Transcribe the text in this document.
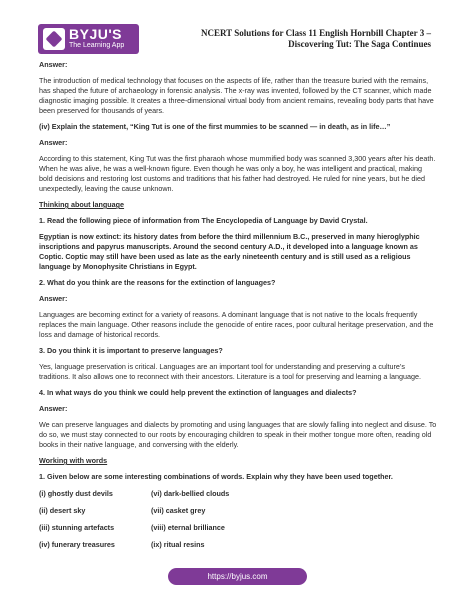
BYJU'S
The Learning App
NCERT Solutions for Class 11 English Hornbill Chapter 3 – Discovering Tut: The Saga Continues

Answer:

The introduction of medical technology that focuses on the aspects of life, rather than the treasure buried with the remains, has shaped the future of archaeology in forensic analysis. The x-ray was invented, followed by the CT scanner, which made diagnostic imaging possible. It creates a three-dimensional virtual body from ancient remains, revealing body parts that have been preserved for thousands of years.

(iv) Explain the statement, “King Tut is one of the first mummies to be scanned — in death, as in life…”

Answer:

According to this statement, King Tut was the first pharaoh whose mummified body was scanned 3,300 years after his death. When he was alive, he was a well-known figure. Even though he was only a boy, he was intelligent and practical, making bold decisions and restoring lost customs and traditions that his father had destroyed. He ruled for nine years, but he died unexpectedly, leaving the cause unknown.

Thinking about language

1. Read the following piece of information from The Encyclopedia of Language by David Crystal.

Egyptian is now extinct: its history dates from before the third millennium B.C., preserved in many hieroglyphic inscriptions and papyrus manuscripts. Around the second century A.D., it developed into a language known as Coptic. Coptic may still have been used as late as the early nineteenth century and is still used as a religious language by Monophysite Christians in Egypt.

2. What do you think are the reasons for the extinction of languages?

Answer:

Languages are becoming extinct for a variety of reasons. A dominant language that is not native to the locals frequently replaces the main language. Other reasons include the genocide of entire races, poor cultural heritage preservation, and the loss and damage of historical records.

3. Do you think it is important to preserve languages?

Yes, language preservation is critical. Languages are an important tool for understanding and preserving a culture’s traditions. It also allows one to reconnect with their ancestors. Literature is a tool for preserving and learning a language.

4. In what ways do you think we could help prevent the extinction of languages and dialects?

Answer:

We can preserve languages and dialects by promoting and using languages that are slowly falling into neglect and disuse. To do so, we must stay connected to our roots by encouraging children to speak in their mother tongue more often, reading old books in their native language, and conversing with the elderly.

Working with words

1. Given below are some interesting combinations of words. Explain why they have been used together.

(i) ghostly dust devils	(vi) dark-bellied clouds
(ii) desert sky	(vii) casket grey
(iii) stunning artefacts	(viii) eternal brilliance
(iv) funerary treasures	(ix) ritual resins
https://byjus.com
